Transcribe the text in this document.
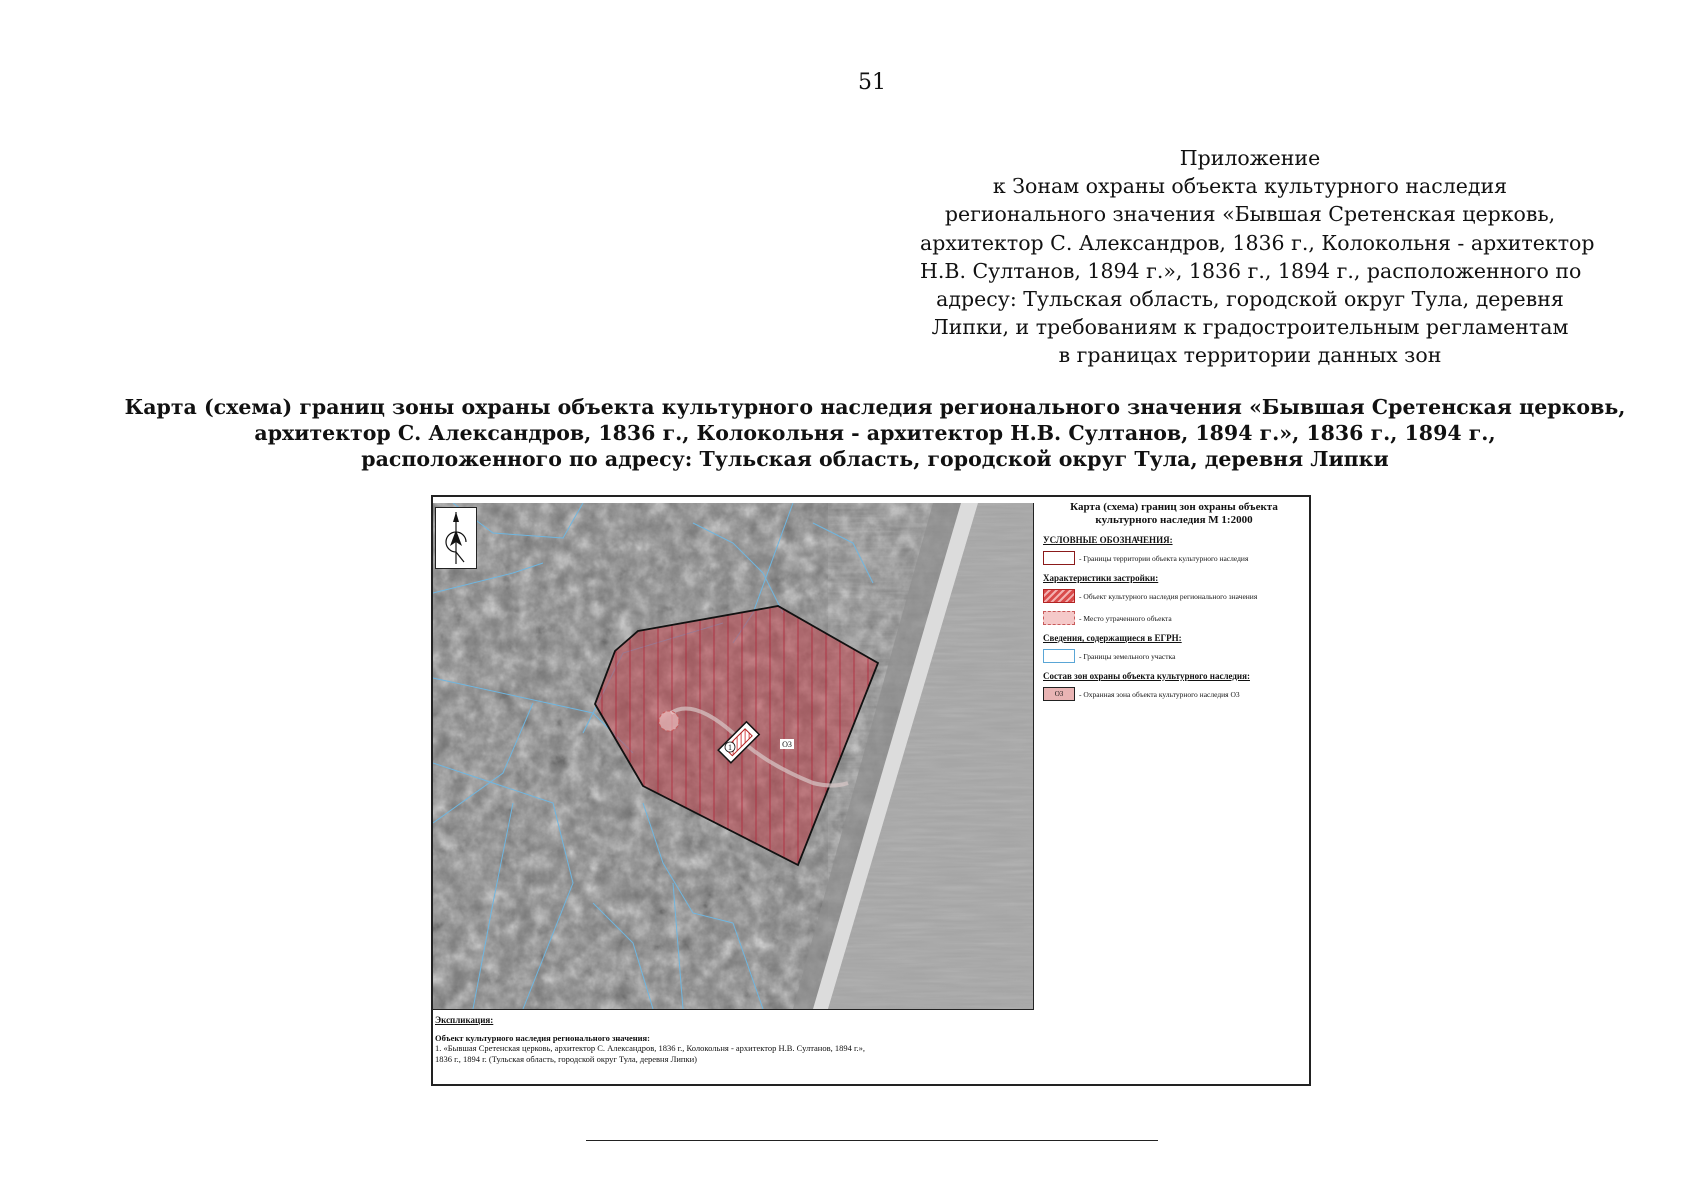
51
Приложение
к Зонам охраны объекта культурного наследия
регионального значения «Бывшая Сретенская церковь,
архитектор С. Александров, 1836 г., Колокольня - архитектор
Н.В. Султанов, 1894 г.», 1836 г., 1894 г., расположенного по
адресу: Тульская область, городской округ Тула, деревня
Липки, и требованиям к градостроительным регламентам
в границах территории данных зон
Карта (схема) границ зоны охраны объекта культурного наследия регионального значения «Бывшая Сретенская церковь,
архитектор С. Александров, 1836 г., Колокольня - архитектор Н.В. Султанов, 1894 г.», 1836 г., 1894 г.,
расположенного по адресу: Тульская область, городской округ Тула, деревня Липки
1	О3
Карта (схема) границ зон охраны объекта
культурного наследия М 1:2000
УСЛОВНЫЕ ОБОЗНАЧЕНИЯ:
- Границы территории объекта культурного наследия
Характеристики застройки:
- Объект культурного наследия регионального значения
- Место утраченного объекта
Сведения, содержащиеся в ЕГРН:
- Границы земельного участка
Состав зон охраны объекта культурного наследия:
О3	- Охранная зона объекта культурного наследия О3
Экспликация:
Объект культурного наследия регионального значения:
1. «Бывшая Сретенская церковь, архитектор С. Александров, 1836 г., Колокольня - архитектор Н.В. Султанов, 1894 г.», 1836 г., 1894 г. (Тульская область, городской округ Тула, деревня Липки)
